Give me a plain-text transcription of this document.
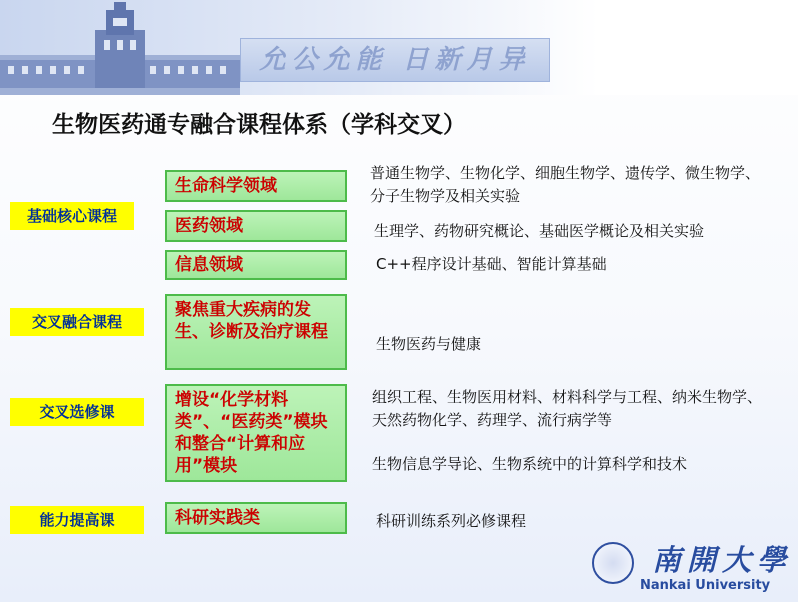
允公允能 日新月异
生物医药通专融合课程体系（学科交叉）
基础核心课程
交叉融合课程
交叉选修课
能力提高课
生命科学领域
医药领域
信息领域
聚焦重大疾病的发生、诊断及治疗课程
增设“化学材料类”、“医药类”模块和整合“计算和应用”模块
科研实践类
普通生物学、生物化学、细胞生物学、遗传学、微生物学、分子生物学及相关实验
生理学、药物研究概论、基础医学概论及相关实验
C++程序设计基础、智能计算基础
生物医药与健康
组织工程、生物医用材料、材料科学与工程、纳米生物学、天然药物化学、药理学、流行病学等
生物信息学导论、生物系统中的计算科学和技术
科研训练系列必修课程
南開大學
Nankai University
